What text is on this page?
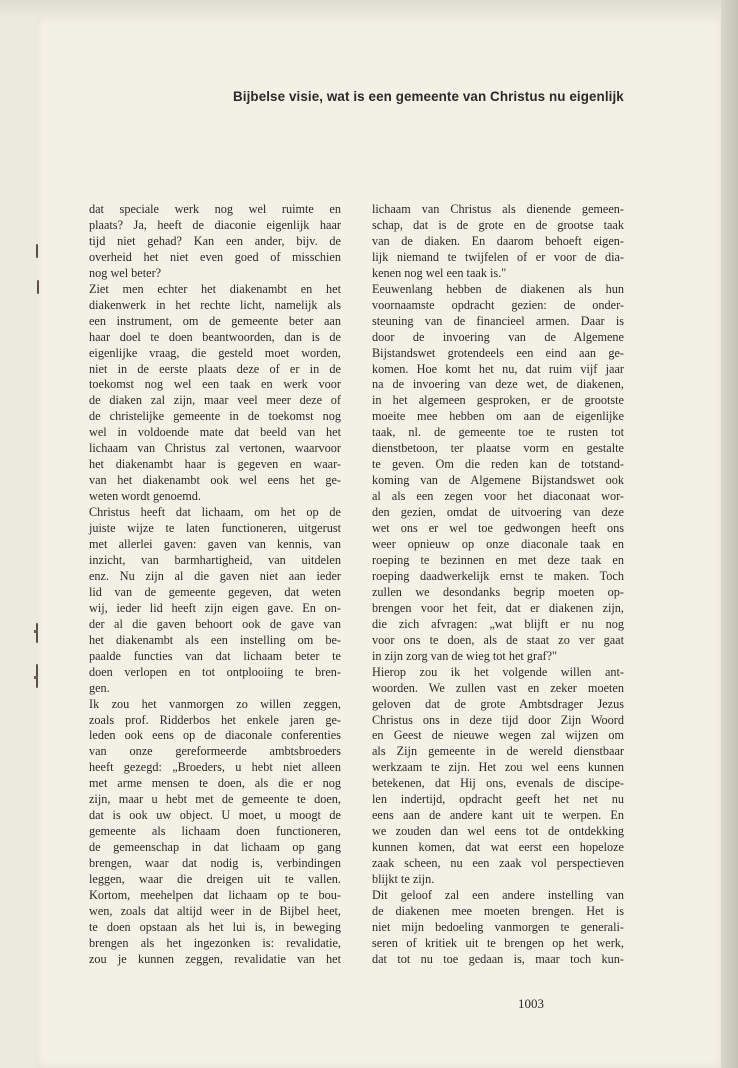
Bijbelse visie, wat is een gemeente van Christus nu eigenlijk

dat speciale werk nog wel ruimte en

plaats? Ja, heeft de diaconie eigenlijk haar

tijd niet gehad? Kan een ander, bijv. de

overheid het niet even goed of misschien

nog wel beter?

Ziet men echter het diakenambt en het

diakenwerk in het rechte licht, namelijk als

een instrument, om de gemeente beter aan

haar doel te doen beantwoorden, dan is de

eigenlijke vraag, die gesteld moet worden,

niet in de eerste plaats deze of er in de

toekomst nog wel een taak en werk voor

de diaken zal zijn, maar veel meer deze of

de christelijke gemeente in de toekomst nog

wel in voldoende mate dat beeld van het

lichaam van Christus zal vertonen, waarvoor

het diakenambt haar is gegeven en waar-

van het diakenambt ook wel eens het ge-

weten wordt genoemd.

Christus heeft dat lichaam, om het op de

juiste wijze te laten functioneren, uitgerust

met allerlei gaven: gaven van kennis, van

inzicht, van barmhartigheid, van uitdelen

enz. Nu zijn al die gaven niet aan ieder

lid van de gemeente gegeven, dat weten

wij, ieder lid heeft zijn eigen gave. En on-

der al die gaven behoort ook de gave van

het diakenambt als een instelling om be-

paalde functies van dat lichaam beter te

doen verlopen en tot ontplooiing te bren-

gen.

Ik zou het vanmorgen zo willen zeggen,

zoals prof. Ridderbos het enkele jaren ge-

leden ook eens op de diaconale conferenties

van onze gereformeerde ambtsbroeders

heeft gezegd: „Broeders, u hebt niet alleen

met arme mensen te doen, als die er nog

zijn, maar u hebt met de gemeente te doen,

dat is ook uw object. U moet, u moogt de

gemeente als lichaam doen functioneren,

de gemeenschap in dat lichaam op gang

brengen, waar dat nodig is, verbindingen

leggen, waar die dreigen uit te vallen.

Kortom, meehelpen dat lichaam op te bou-

wen, zoals dat altijd weer in de Bijbel heet,

te doen opstaan als het lui is, in beweging

brengen als het ingezonken is: revalidatie,

zou je kunnen zeggen, revalidatie van het

lichaam van Christus als dienende gemeen-

schap, dat is de grote en de grootse taak

van de diaken. En daarom behoeft eigen-

lijk niemand te twijfelen of er voor de dia-

kenen nog wel een taak is."

Eeuwenlang hebben de diakenen als hun

voornaamste opdracht gezien: de onder-

steuning van de financieel armen. Daar is

door de invoering van de Algemene

Bijstandswet grotendeels een eind aan ge-

komen. Hoe komt het nu, dat ruim vijf jaar

na de invoering van deze wet, de diakenen,

in het algemeen gesproken, er de grootste

moeite mee hebben om aan de eigenlijke

taak, nl. de gemeente toe te rusten tot

dienstbetoon, ter plaatse vorm en gestalte

te geven. Om die reden kan de totstand-

koming van de Algemene Bijstandswet ook

al als een zegen voor het diaconaat wor-

den gezien, omdat de uitvoering van deze

wet ons er wel toe gedwongen heeft ons

weer opnieuw op onze diaconale taak en

roeping te bezinnen en met deze taak en

roeping daadwerkelijk ernst te maken. Toch

zullen we desondanks begrip moeten op-

brengen voor het feit, dat er diakenen zijn,

die zich afvragen: „wat blijft er nu nog

voor ons te doen, als de staat zo ver gaat

in zijn zorg van de wieg tot het graf?"

Hierop zou ik het volgende willen ant-

woorden. We zullen vast en zeker moeten

geloven dat de grote Ambtsdrager Jezus

Christus ons in deze tijd door Zijn Woord

en Geest de nieuwe wegen zal wijzen om

als Zijn gemeente in de wereld dienstbaar

werkzaam te zijn. Het zou wel eens kunnen

betekenen, dat Hij ons, evenals de discipe-

len indertijd, opdracht geeft het net nu

eens aan de andere kant uit te werpen. En

we zouden dan wel eens tot de ontdekking

kunnen komen, dat wat eerst een hopeloze

zaak scheen, nu een zaak vol perspectieven

blijkt te zijn.

Dit geloof zal een andere instelling van

de diakenen mee moeten brengen. Het is

niet mijn bedoeling vanmorgen te generali-

seren of kritiek uit te brengen op het werk,

dat tot nu toe gedaan is, maar toch kun-

1003
